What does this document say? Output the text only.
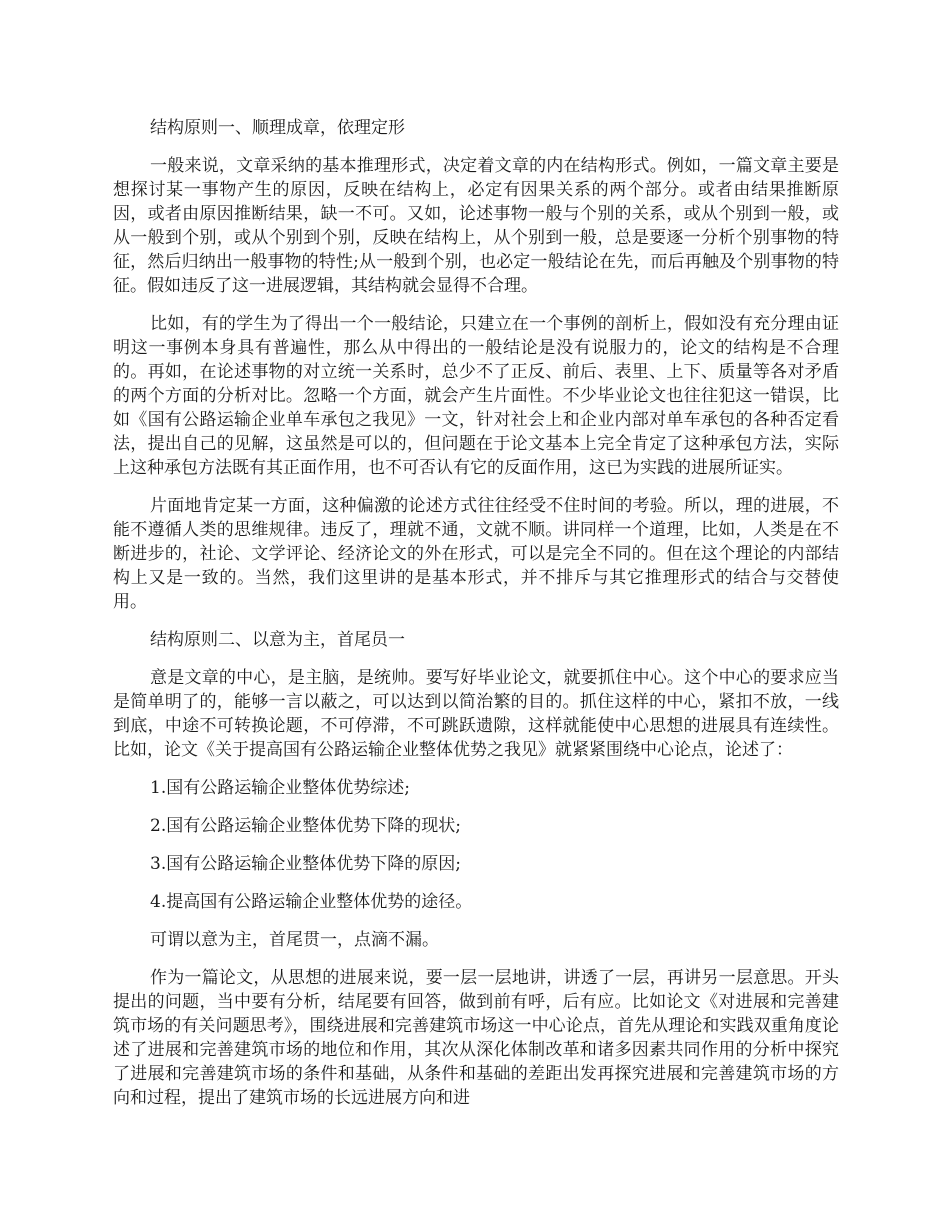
结构原则一、顺理成章，依理定形

一般来说，文章采纳的基本推理形式，决定着文章的内在结构形式。例如，一篇文章主要是想探讨某一事物产生的原因，反映在结构上，必定有因果关系的两个部分。或者由结果推断原因，或者由原因推断结果，缺一不可。又如，论述事物一般与个别的关系，或从个别到一般，或从一般到个别，或从个别到个别，反映在结构上，从个别到一般，总是要逐一分析个别事物的特征，然后归纳出一般事物的特性;从一般到个别，也必定一般结论在先，而后再触及个别事物的特征。假如违反了这一进展逻辑，其结构就会显得不合理。

比如，有的学生为了得出一个一般结论，只建立在一个事例的剖析上，假如没有充分理由证明这一事例本身具有普遍性，那么从中得出的一般结论是没有说服力的，论文的结构是不合理的。再如，在论述事物的对立统一关系时，总少不了正反、前后、表里、上下、质量等各对矛盾的两个方面的分析对比。忽略一个方面，就会产生片面性。不少毕业论文也往往犯这一错误，比如《国有公路运输企业单车承包之我见》一文，针对社会上和企业内部对单车承包的各种否定看法，提出自己的见解，这虽然是可以的，但问题在于论文基本上完全肯定了这种承包方法，实际上这种承包方法既有其正面作用，也不可否认有它的反面作用，这已为实践的进展所证实。

片面地肯定某一方面，这种偏激的论述方式往往经受不住时间的考验。所以，理的进展，不能不遵循人类的思维规律。违反了，理就不通，文就不顺。讲同样一个道理，比如，人类是在不断进步的，社论、文学评论、经济论文的外在形式，可以是完全不同的。但在这个理论的内部结构上又是一致的。当然，我们这里讲的是基本形式，并不排斥与其它推理形式的结合与交替使用。

结构原则二、以意为主，首尾员一

意是文章的中心，是主脑，是统帅。要写好毕业论文，就要抓住中心。这个中心的要求应当是简单明了的，能够一言以蔽之，可以达到以简治繁的目的。抓住这样的中心，紧扣不放，一线到底，中途不可转换论题，不可停滞，不可跳跃遗隙，这样就能使中心思想的进展具有连续性。比如，论文《关于提高国有公路运输企业整体优势之我见》就紧紧围绕中心论点，论述了：

1.国有公路运输企业整体优势综述;

2.国有公路运输企业整体优势下降的现状;

3.国有公路运输企业整体优势下降的原因;

4.提高国有公路运输企业整体优势的途径。

可谓以意为主，首尾贯一，点滴不漏。

作为一篇论文，从思想的进展来说，要一层一层地讲，讲透了一层，再讲另一层意思。开头提出的问题，当中要有分析，结尾要有回答，做到前有呼，后有应。比如论文《对进展和完善建筑市场的有关问题思考》，围绕进展和完善建筑市场这一中心论点，首先从理论和实践双重角度论述了进展和完善建筑市场的地位和作用，其次从深化体制改革和诸多因素共同作用的分析中探究了进展和完善建筑市场的条件和基础，从条件和基础的差距出发再探究进展和完善建筑市场的方向和过程，提出了建筑市场的长远进展方向和进
